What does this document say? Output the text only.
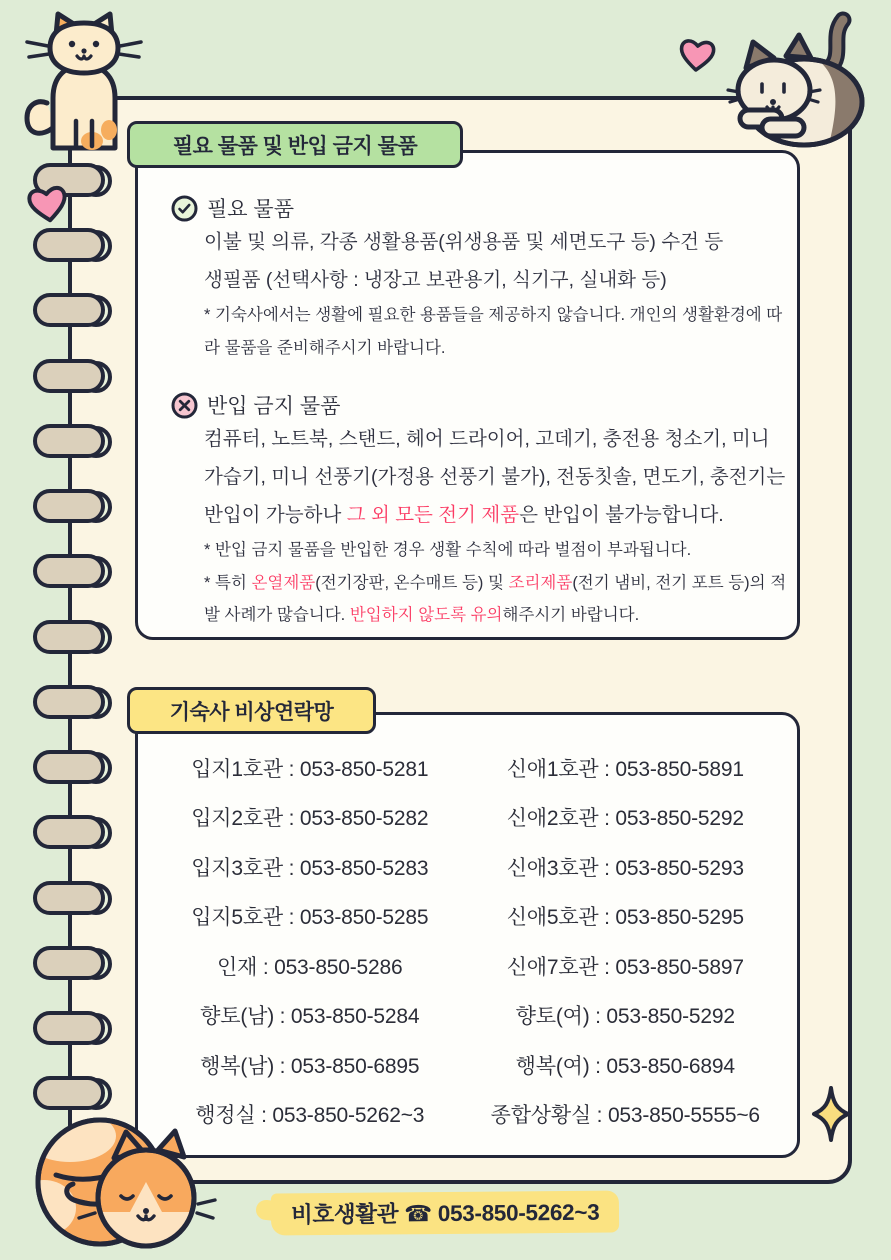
필요 물품 및 반입 금지 물품
필요 물품
이불 및 의류, 각종 생활용품(위생용품 및 세면도구 등) 수건 등
생필품 (선택사항 : 냉장고 보관용기, 식기구, 실내화 등)
* 기숙사에서는 생활에 필요한 용품들을 제공하지 않습니다. 개인의 생활환경에 따라 물품을 준비해주시기 바랍니다.
반입 금지 물품
컴퓨터, 노트북, 스탠드, 헤어 드라이어, 고데기, 충전용 청소기, 미니 가습기, 미니 선풍기(가정용 선풍기 불가), 전동칫솔, 면도기, 충전기는 반입이 가능하나 그 외 모든 전기 제품은 반입이 불가능합니다.
* 반입 금지 물품을 반입한 경우 생활 수칙에 따라 벌점이 부과됩니다.
* 특히 온열제품(전기장판, 온수매트 등) 및 조리제품(전기 냄비, 전기 포트 등)의 적발 사례가 많습니다. 반입하지 않도록 유의해주시기 바랍니다.
기숙사 비상연락망
입지1호관 : 053-850-5281	신애1호관 : 053-850-5891
입지2호관 : 053-850-5282	신애2호관 : 053-850-5292
입지3호관 : 053-850-5283	신애3호관 : 053-850-5293
입지5호관 : 053-850-5285	신애5호관 : 053-850-5295
인재 : 053-850-5286	신애7호관 : 053-850-5897
향토(남) : 053-850-5284	향토(여) : 053-850-5292
행복(남) : 053-850-6895	행복(여) : 053-850-6894
행정실 : 053-850-5262~3	종합상황실 : 053-850-5555~6
비호생활관 ☎ 053-850-5262~3
